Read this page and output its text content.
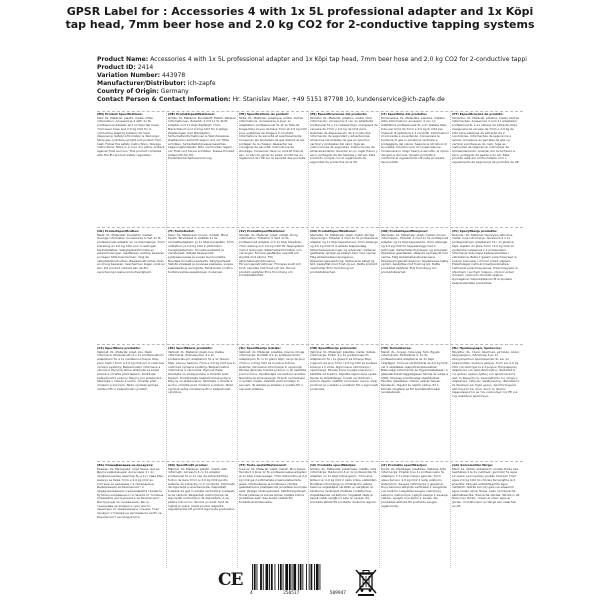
GPSR Label for : Accessories 4 with 1x 5L professional adapter and 1x Köpi tap head, 7mm beer hose and 2.0 kg CO2 for 2-conductive tapping systems
Product Name: Accessories 4 with 1x 5L professional adapter and 1x Köpi tap head, 7mm beer hose and 2.0 kg CO2 for 2-conductive tappi
Product ID: 2414
Variation Number: 443978
Manufacturer/Distributor: ich-zapfe
Country of Origin: Germany
Contact Person & Contact Information: Hr. Stanislav Maer, +49 5151 87798 10, kundenservice@ich-zapfe.de
(EN) Product Specifications:
Size: XL. Material: plastic, metal. Other information: Accessories 4 with 1x 5L professional adapter and 1x Köpi tap head, 7mm beer hose and 2.0 kg CO2 for 2-conductive tapping systems for beer dispensing. Safety information & Warnings: Store gas cylinders upright and protect from heat. Follow the safety instructions. Storage instructions: Store in a cool, dry place, protect against frost and sun. This product complies with the EU product safety regulation.
(DE) Produktspezifikationen:
Größe: XL. Material: Kunststoff, Metall. Weitere Informationen: Zubehör 4 mit 1x 5L Profi-Adapter und 1x Köpi Zapfkopf, 7mm Bierschlauch und 2,0 kg CO2 für 2-leitige Zapfanlagen zum Bierzapfen. Sicherheitsinformationen & Warnhinweise: Gasflaschen aufrecht lagern und vor Hitze schützen. Sicherheitshinweise beachten. Lagerungshinweise: Kühl und trocken lagern, vor Frost und Sonne schützen. Dieses Produkt entspricht der EU-Produktsicherheitsverordnung.
(FR) Spécifications du produit:
Taille: XL. Matériau: plastique, métal. Autres informations: Accessoires 4 avec 1x adaptateur professionnel 5L et 1x tête de tirage Köpi, tuyau de bière 7mm et 2,0 kg CO2 pour systèmes de tirage à 2 conduits. Informations de sécurité et avertissements: Conserver les bouteilles de gaz debout et les protéger de la chaleur. Respecter les consignes de sécurité. Instructions de stockage: Conserver dans un endroit frais et sec, à l'abri du gel et du soleil. Conforme au règlement de l'UE sur la sécurité des produits.
(ES) Especificaciones del producto:
Tamaño: XL. Material: plástico, metal. Otra información: Accesorios 4 con 1x adaptador profesional 5L y 1x cabezal Köpi, manguera de cerveza de 7mm y 2,0 kg de CO2 para sistemas de dispensación de 2 conductos. Información de seguridad y advertencias: Almacene las botellas de gas en posición vertical y protéjalas del calor. Siga las instrucciones de seguridad. Instrucciones de almacenamiento: Guardar en un lugar fresco y seco, protegido de las heladas y del sol. Este producto cumple con el reglamento de seguridad de productos de la UE.
(IT) Specifiche del prodotto:
Dimensione: XL. Materiale: plastica, metallo. Altre informazioni: Accessori 4 con 1x adattatore professionale 5L e 1x testata Köpi, tubo per birra da 7mm e 2,0 kg di CO2 per impianti di spillatura a 2 condotti. Informazioni di sicurezza e avvertenze: Conservare le bombole di gas in posizione verticale e proteggerle dal calore. Seguire le istruzioni di sicurezza. Istruzioni per la conservazione: Conservare in luogo fresco e asciutto, al riparo dal gelo e dal sole. Questo prodotto è conforme al regolamento UE sulla sicurezza dei prodotti.
(PT) Especificações do produto:
Tamanho: XL. Material: plástico, metal. Outras informações: Acessórios 4 com 1x adaptador profissional 5L e 1x cabeça de extração Köpi, mangueira de cerveja de 7mm e 2,0 kg de CO2 para sistemas de extração de 2 condutores. Informações de segurança e avisos: Armazene as garrafas de gás na vertical e proteja-as do calor. Siga as instruções de segurança. Instruções de armazenamento: Guardar em local fresco e seco, protegido da geada e do sol. Este produto está em conformidade com o regulamento de segurança de produtos da UE.
(NL) Productspecificaties:
Maat: XL. Materiaal: kunststof, metaal. Overige informatie: Accessoires 4 met 1x 5L professionele adapter en 1x Köpi tapkop, 7mm bierslang en 2,0 kg CO2 voor 2-leidingen tapinstallaties. Veiligheidsinformatie en waarschuwingen: Gasflessen rechtop bewaren en tegen hitte beschermen. Volg de veiligheidsinstructies. Bewaarinstructies: Koel en droog bewaren, beschermen tegen vorst en zon. Dit product voldoet aan de EU-verordening inzake productveiligheid.
(FI) Tuotetiedot:
Koko: XL. Materiaali: muovi, metalli. Muut tiedot: Tarvikkeet 4, sisältää 1x 5L ammattiadapterin ja 1x Köpi-hanapään, 7mm olutletkun ja 2,0 kg CO2 2-johtimisiin hanajärjestelmiin. Turvallisuustiedot ja varoitukset: Säilytä kaasupullot pystyasennossa ja suojaa kuumuudelta. Noudata turvallisuusohjeita. Säilytysohjeet: Säilytä viileässä ja kuivassa paikassa, suojaa pakkaselta ja auringolta. Tämä tuote on EU:n tuoteturvallisuusasetuksen mukainen.
(SV) Produktspecifikationer:
Storlek: XL. Material: plast, metall. Övrig information: Tillbehör 4 med 1x 5L professionell adapter och 1x Köpi tappkran, 7mm ölslang och 2,0 kg CO2 för tappsystem med 2 ledningar. Säkerhetsinformation och varningar: Förvara gasflaskor upprätt och skydda mot värme. Följ säkerhetsinstruktionerna. Förvaringsinstruktioner: Förvaras svalt och torrt, skyddas mot frost och sol. Denna produkt uppfyller EU:s förordning om produktsäkerhet.
(DA) Produktspecifikationer:
Størrelse: XL. Materiale: plast, metal. Øvrige oplysninger: Tilbehør 4 med 1x 5L professionel adapter og 1x Köpi tappehoved, 7mm ølslange og 2,0 kg CO2 til 2-ledede tappeanlæg. Sikkerhedsoplysninger og advarsler: Opbevar gasflasker oprejst og beskyt dem mod varme. Følg sikkerhedsanvisningerne. Opbevaringsvejledning: Opbevares køligt og tørt, beskyttet mod frost og sol. Dette produkt overholder EU's forordning om produktsikkerhed.
(NO) Produktspesifikasjoner:
Størrelse: XL. Materiale: plast, metall. Annen informasjon: Tilbehør 4 med 1x 5L profesjonell adapter og 1x Köpi tappehode, 7mm ølslange og 2,0 kg CO2 for tappeanlegg med 2 ledninger. Sikkerhetsinformasjon og advarsler: Oppbevar gassflasker stående og beskytt mot varme. Følg sikkerhetsinstruksjonene. Oppbevaringsinstruksjoner: Oppbevares kjølig og tørt, beskyttes mot frost og sol. Dette produktet oppfyller EUs forordning om produktsikkerhet.
(PL) Specyfikacje produktu:
Rozmiar: XL. Materiał: tworzywo sztuczne, metal. Inne informacje: Akcesoria 4 z 1x profesjonalnym adapterem 5L i 1x głowicą Köpi, wężem do piwa 7mm i 2,0 kg CO2 do systemów nalewania z 2 przewodami. Informacje dotyczące bezpieczeństwa i ostrzeżenia: Butle z gazem przechowywać w pozycji pionowej i chronić przed ciepłem. Przestrzegać instrukcji bezpieczeństwa. Instrukcje przechowywania: Przechowywać w chłodnym i suchym miejscu, chronić przed mrozem i słońcem. Produkt spełnia wymagania rozporządzenia UE w sprawie bezpieczeństwa produktów.
(CS) Specifikace produktu:
Velikost: XL. Materiál: plast, kov. Další informace: Příslušenství 4 s 1x profesionálním adaptérem 5L a 1x naráženou hlavou Köpi, pivní hadicí 7mm a 2,0 kg CO2 pro 2-vodičové výčepní systémy. Bezpečnostní informace a varování: Plynové lahve skladujte ve svislé poloze a chraňte před teplem. Dodržujte bezpečnostní pokyny. Pokyny pro skladování: Skladujte v chladu a suchu, chraňte před mrazem a sluncem. Tento výrobek splňuje nařízení EU o bezpečnosti výrobků.
(SK) Špecifikácie produktu:
Veľkosť: XL. Materiál: plast, kov. Ďalšie informácie: Príslušenstvo 4 s 1x profesionálnym adaptérom 5L a 1x hlavou Köpi, pivnou hadicou 7mm a 2,0 kg CO2 pre 2-vodičové výčapné systémy. Bezpečnostné informácie a varovania: Plynové fľaše skladujte vo zvislej polohe a chráňte pred teplom. Dodržiavajte bezpečnostné pokyny. Pokyny na skladovanie: Skladujte v chlade a suchu, chráňte pred mrazom a slnkom. Tento výrobok spĺňa nariadenie EÚ o bezpečnosti výrobkov.
(SL) Specifikacije izdelka:
Velikost: XL. Material: plastika, kovina. Druge informacije: Dodatki 4 z 1x profesionalnim adapterjem 5L in 1x glavo Köpi, cevjo za pivo 7mm in 2,0 kg CO2 za 2-vodne točilne sisteme. Varnostne informacije in opozorila: Plinske jeklenke hranite pokonci in jih zaščitite pred vročino. Upoštevajte varnostna navodila. Navodila za shranjevanje: Hraniti na hladnem in suhem mestu, zaščititi pred zmrzaljo in soncem. Ta izdelek je skladen z uredbo EU o varnosti izdelkov.
(HR) Specifikacije proizvoda:
Veličina: XL. Materijal: plastika, metal. Ostale informacije: Pribor 4 s 1x profesionalnim adapterom 5L i 1x glavom za točenje Köpi, crijevom za pivo 7mm i 2,0 kg CO2 za sustave točenja s 2 voda. Sigurnosne informacije i upozorenja: Plinske boce čuvajte uspravno i zaštitite od topline. Slijedite sigurnosne upute. Upute za skladištenje: Čuvati na hladnom i suhom mjestu, zaštititi od mraza i sunca. Ovaj proizvod je u skladu s uredbom EU o sigurnosti proizvoda.
(HU) Termékleírás:
Méret: XL. Anyag: műanyag, fém. Egyéb információk: Tartozékok 4, 1x 5L professzionális adapterrel és 1x Köpi csapfejjel, 7mm-es sörtömlővel és 2,0 kg CO2-vel 2 vezetékes csapolórendszerekhez. Biztonsági információk és figyelmeztetések: A gázpalackokat függőlegesen tárolja és védje a hőtől. Kövesse a biztonsági utasításokat. Tárolási utasítások: Hűvös, száraz helyen tárolandó, fagytól és naptól védve. Ez a termék megfelel az EU termékbiztonsági rendeletének.
(EL) Προδιαγραφές προϊόντος:
Μέγεθος: XL. Υλικό: πλαστικό, μέταλλο. Άλλες πληροφορίες: Αξεσουάρ 4 με 1x επαγγελματικό προσαρμογέα 5L και 1x κεφαλή Köpi, σωλήνα μπύρας 7mm και 2,0 kg CO2 για συστήματα 2 αγωγών. Πληροφορίες ασφαλείας και προειδοποιήσεις: Φυλάσσετε τις φιάλες αερίου όρθιες και προστατεύετε από τη θερμότητα. Ακολουθήστε τις οδηγίες ασφαλείας. Οδηγίες αποθήκευσης: Φυλάσσετε σε δροσερό και ξηρό μέρος, προστατευμένο από παγετό και ήλιο. Αυτό το προϊόν συμμορφώνεται με τον κανονισμό της ΕΕ για την ασφάλεια προϊόντων.
(BG) Спецификации на продукта:
Размер: XL. Материал: пластмаса, метал. Друга информация: Аксесоари 4 с 1x професионален адаптер 5L и 1x глава Köpi, маркуч за бира 7mm и 2,0 kg CO2 за системи за наливане с 2 проводника. Информация за безопасност и предупреждения: Съхранявайте газовите бутилки изправени и ги пазете от топлина. Спазвайте инструкциите за безопасност. Инструкции за съхранение: Да се съхранява на хладно и сухо място, защитено от замръзване и слънце. Този продукт отговаря на регламента на ЕС за безопасност на продуктите.
(RO) Specificații produs:
Mărime: XL. Material: plastic, metal. Alte informații: Accesorii 4 cu 1x adaptor profesional 5L și 1x cap de extracție Köpi, furtun de bere 7mm și 2,0 kg CO2 pentru sisteme de extracție cu 2 conducte. Informații de siguranță și avertismente: Depozitați buteliile de gaz în poziție verticală și protejați-le de căldură. Respectați instrucțiunile de siguranță. Instrucțiuni de depozitare: A se păstra într-un loc răcoros și uscat, ferit de îngheț și soare. Acest produs respectă regulamentul UE privind siguranța produselor.
(ET) Toote spetsifikatsioonid:
Suurus: XL. Materjal: plast, metall. Muu teave: Tarvikud 4 koos 1x 5L professionaalse adapteri ja 1x Köpi kraanipeaga, 7mm õllevooliku ja 2,0 kg CO2-ga 2-juhtmeliste kraanisüsteemide jaoks. Ohutusteave ja hoiatused: Hoidke gaasiballoone püstiasendis ja kaitske kuumuse eest. Järgige ohutusjuhiseid. Säilitamisjuhised: Hoida jahedas ja kuivas kohas, kaitsta külma ja päikese eest. See toode vastab ELi tooteohutusmäärusele.
(LV) Produkta specifikācijas:
Izmērs: XL. Materiāls: plastmasa, metāls. Cita informācija: Piederumi 4 ar 1x profesionālu 5L adapteri un 1x Köpi krāna galvu, 7mm alus šļūteni un 2,0 kg CO2 2 vadu krānu sistēmām. Drošības informācija un brīdinājumi: Gāzes balonus uzglabājiet vertikāli un sargājiet no karstuma. Ievērojiet drošības norādījumus. Uzglabāšanas norādījumi: Uzglabāt vēsā un sausā vietā, sargāt no sala un saules. Šis produkts atbilst ES produktu drošuma regulai.
(LT) Produkto specifikacijos:
Dydis: XL. Medžiaga: plastikas, metalas. Kita informacija: Priedai 4 su 1x profesionaliu 5L adapteriu ir 1x Köpi čiaupo galvute, 7mm alaus žarna ir 2,0 kg CO2 2 laidų pilstymo sistemoms. Saugos informacija ir įspėjimai: Dujų balionus laikykite vertikaliai ir saugokite nuo karščio. Laikykitės saugos instrukcijų. Laikymo instrukcijos: Laikyti vėsioje ir sausoje vietoje, saugoti nuo šalčio ir saulės. Šis produktas atitinka ES produktų saugos reglamentą.
(GA) Sonraíochtaí Táirge:
Méid: XL. Ábhar: plaisteach, miotal. Eolas eile: Gabhálais 4 le 1x cuibheoir gairmiúil 5L agus 1x ceann sconna Köpi, píobán beorach 7mm agus 2.0 kg CO2 do chórais tarraingthe le 2 sheoltóir. Faisnéis sábháilteachta agus rabhaidh: Stóráil sorcóirí gáis ina seasamh agus cosain iad ar theas. Lean na treoracha sábháilteachta. Treoracha stórála: Stóráil in áit fhionnuar thirim, cosain ar shioc agus ar ghrian. Comhlíonann an táirge seo rialachán an AE.
CE
4	250517	509947
